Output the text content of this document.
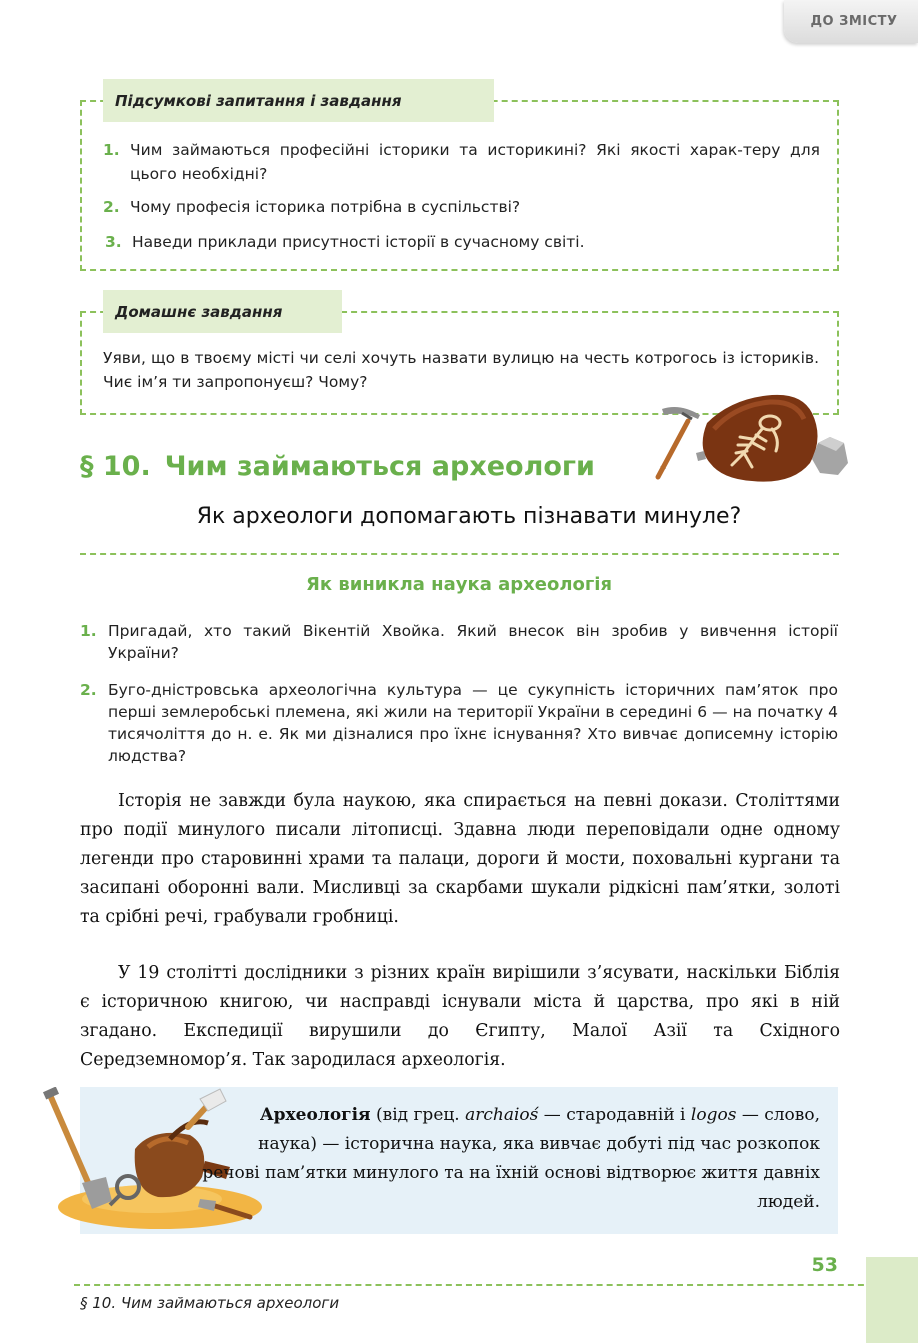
ДО ЗМІСТУ
Підсумкові запитання і завдання
1. Чим займаються професійні історики та историкині? Які якості харак-теру для цього необхідні?
2. Чому професія історика потрібна в суспільстві?
3. Наведи приклади присутності історії в сучасному світі.
Домашнє завдання
Уяви, що в твоєму місті чи селі хочуть назвати вулицю на честь котрогось із істориків. Чиє ім’я ти запропонуєш? Чому?
§ 10. Чим займаються археологи
Як археологи допомагають пізнавати минуле?
Як виникла наука археологія
1. Пригадай, хто такий Вікентій Хвойка. Який внесок він зробив у вивчення історії України?
2. Буго-дністровська археологічна культура — це сукупність історичних пам’яток про перші землеробські племена, які жили на території України в середині 6 — на початку 4 тисячоліття до н. е. Як ми дізналися про їхнє існування? Хто вивчає дописемну історію людства?
Історія не завжди була наукою, яка спирається на певні докази. Століттями про події минулого писали літописці. Здавна люди переповідали одне одному легенди про старовинні храми та палаци, дороги й мости, поховальні кургани та засипані оборонні вали. Мисливці за скарбами шукали рідкісні пам’ятки, золоті та срібні речі, грабували гробниці.
У 19 столітті дослідники з різних країн вирішили з’ясувати, наскільки Біблія є історичною книгою, чи насправді існували міста й царства, про які в ній згадано. Експедиції вирушили до Єгипту, Малої Азії та Східного Середземномор’я. Так зародилася археологія.
Археологія (від грец. archaioś — стародавній і logos — слово, наука) — історична наука, яка вивчає добуті під час розкопок речові пам’ятки минулого та на їхній основі відтворює життя давніх людей.
53
§ 10. Чим займаються археологи
